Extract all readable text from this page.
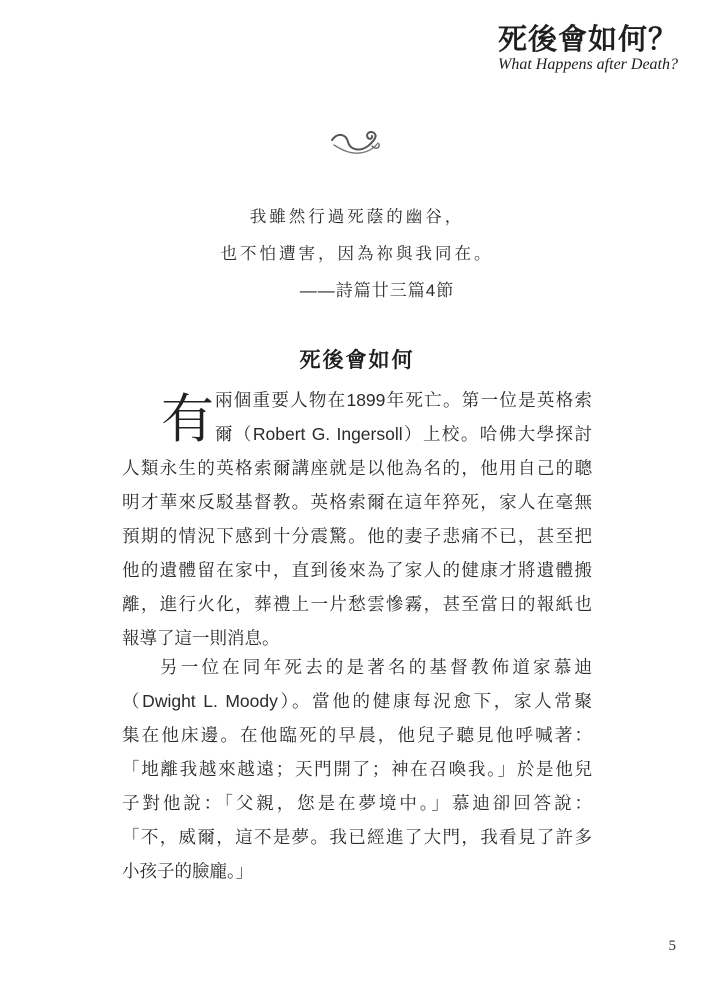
死後會如何？
What Happens after Death?
我雖然行過死蔭的幽谷，
也不怕遭害，因為祢與我同在。
——詩篇廿三篇4節
死後會如何
有 兩個重要人物在1899年死亡。第一位是英格索
爾（Robert G. Ingersoll）上校。哈佛大學探討
人類永生的英格索爾講座就是以他為名的，他用自己的聰
明才華來反駁基督教。英格索爾在這年猝死，家人在毫無
預期的情況下感到十分震驚。他的妻子悲痛不已，甚至把
他的遺體留在家中，直到後來為了家人的健康才將遺體搬
離，進行火化，葬禮上一片愁雲慘霧，甚至當日的報紙也
報導了這一則消息。
另一位在同年死去的是著名的基督教佈道家慕迪
（Dwight L. Moody）。當他的健康每況愈下，家人常聚
集在他床邊。在他臨死的早晨，他兒子聽見他呼喊著：
「地離我越來越遠；天門開了；神在召喚我。」於是他兒
子對他說：「父親，您是在夢境中。」慕迪卻回答說：
「不，威爾，這不是夢。我已經進了大門，我看見了許多
小孩子的臉龐。」
5
